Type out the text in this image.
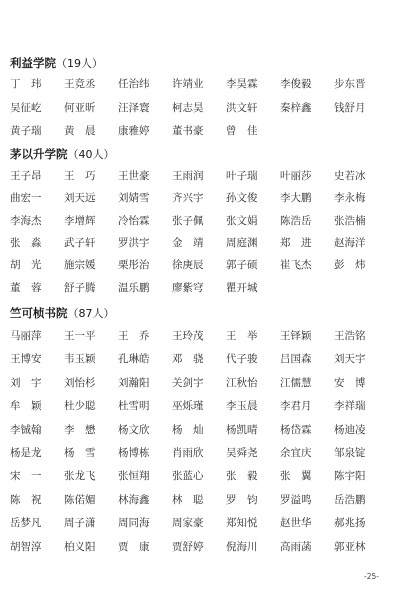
利益学院（19人）
丁　玮	王竞丞	任治纬	许靖业	李昊霖	李俊毅	步东晋
吴征屹	何亚昕	汪泽寰	柯志昊	洪文轩	秦梓鑫	钱舒月
黄子瑞	黄　晨	康雅婷	董书豪	曾　佳
茅以升学院（40人）
王子昂	王　巧	王世豪	王雨润	叶子瑞	叶丽莎	史若冰
曲宏一	刘天远	刘婧雪	齐兴宇	孙文俊	李大鹏	李永梅
李海杰	李增辉	冷怡霖	张子佩	张文娟	陈浩岳	张浩楠
张　淼	武子轩	罗洪宇	金　靖	周庭渊	郑　进	赵海洋
胡　光	施宗媛	栗彤治	徐庚辰	郭子硕	崔飞杰	彭　炜
董　蓉	舒子腾	温乐鹏	廖紫穹	瞿开城
竺可桢书院（87人）
马丽萍	王一平	王　乔	王玲茂	王　举	王铎颖	王浩铭
王博安	韦玉颖	孔琳皓	邓　骁	代子骏	吕国森	刘天宇
刘　宇	刘怡杉	刘瀚阳	关剑宇	江秋怡	江儒慧	安　博
牟　颖	杜少聪	杜雪明	巫烁瑾	李玉晨	李君月	李祥瑞
李铖翰	李　懋	杨文欣	杨　灿	杨凯晴	杨岱霖	杨迪凌
杨是龙	杨　雪	杨博栋	肖雨欣	吴舜尧	余宜庆	邹泉锭
宋　一	张龙飞	张恒翔	张蓝心	张　毅	张　翼	陈宇阳
陈　祝	陈偌媚	林海鑫	林　聪	罗　钧	罗溢鸣	岳浩鹏
岳梦凡	周子潇	周同海	周家豪	郑知悦	赵世华	郝兆扬
胡智淳	柏义阳	贾　康	贾舒婷	倪海川	高雨菡	郭亚林
-25-
